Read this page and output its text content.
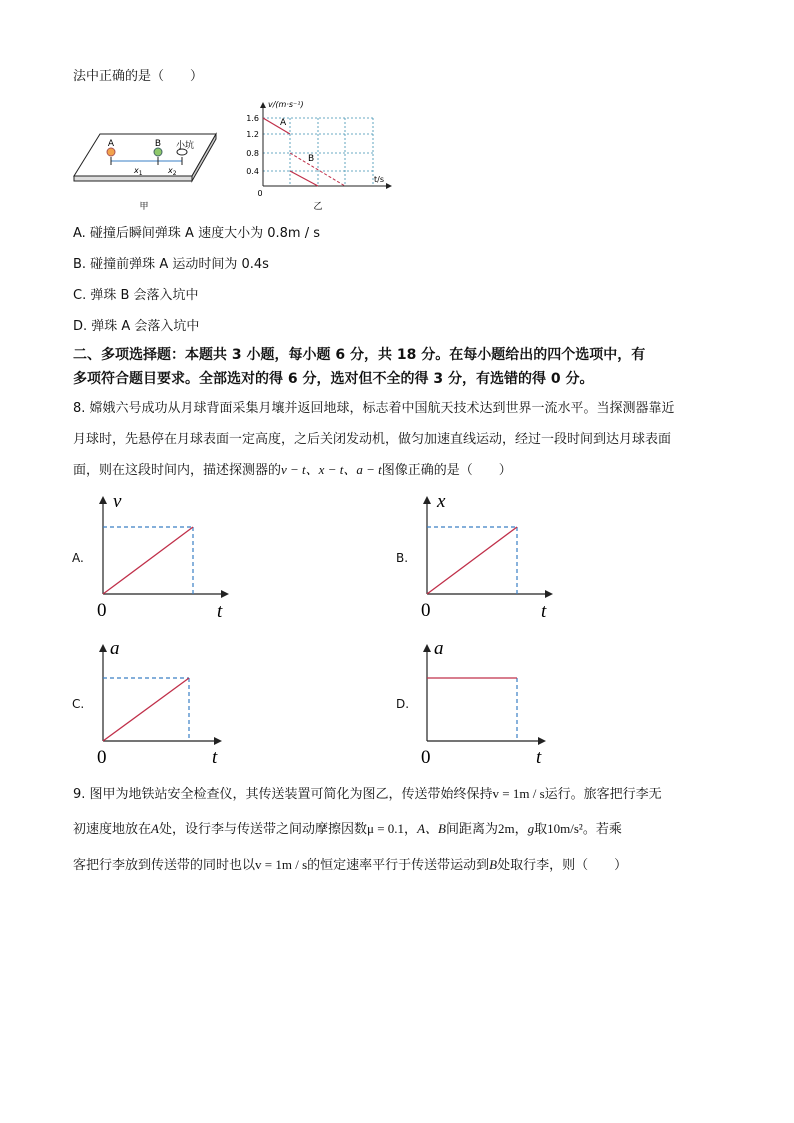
法中正确的是（　　）
A	B 小坑
$x_1$	$x_2$
甲
v/(m·s⁻¹)
t/s
0
1.6
1.2
0.8
0.4
A
B
乙
A. 碰撞后瞬间弹珠 A 速度大小为 0.8m / s
B. 碰撞前弹珠 A 运动时间为 0.4s
C. 弹珠 B 会落入坑中
D. 弹珠 A 会落入坑中
二、多项选择题：本题共 3 小题，每小题 6 分，共 18 分。在每小题给出的四个选项中，有
多项符合题目要求。全部选对的得 6 分，选对但不全的得 3 分，有选错的得 0 分。
8. 嫦娥六号成功从月球背面采集月壤并返回地球，标志着中国航天技术达到世界一流水平。当探测器靠近
月球时，先悬停在月球表面一定高度，之后关闭发动机，做匀加速直线运动，经过一段时间到达月球表面
面，则在这段时间内，描述探测器的v − t、x − t、a − t图像正确的是（　　）
A.	B.
C.	D.
v
t
0
x
t
0
a
t
0
a
t
0
9. 图甲为地铁站安全检查仪，其传送装置可简化为图乙，传送带始终保持v = 1m / s运行。旅客把行李无
初速度地放在A处，设行李与传送带之间动摩擦因数μ = 0.1，A、B间距离为2m，g取10m/s²。若乘
客把行李放到传送带的同时也以v = 1m / s的恒定速率平行于传送带运动到B处取行李，则（　　）
